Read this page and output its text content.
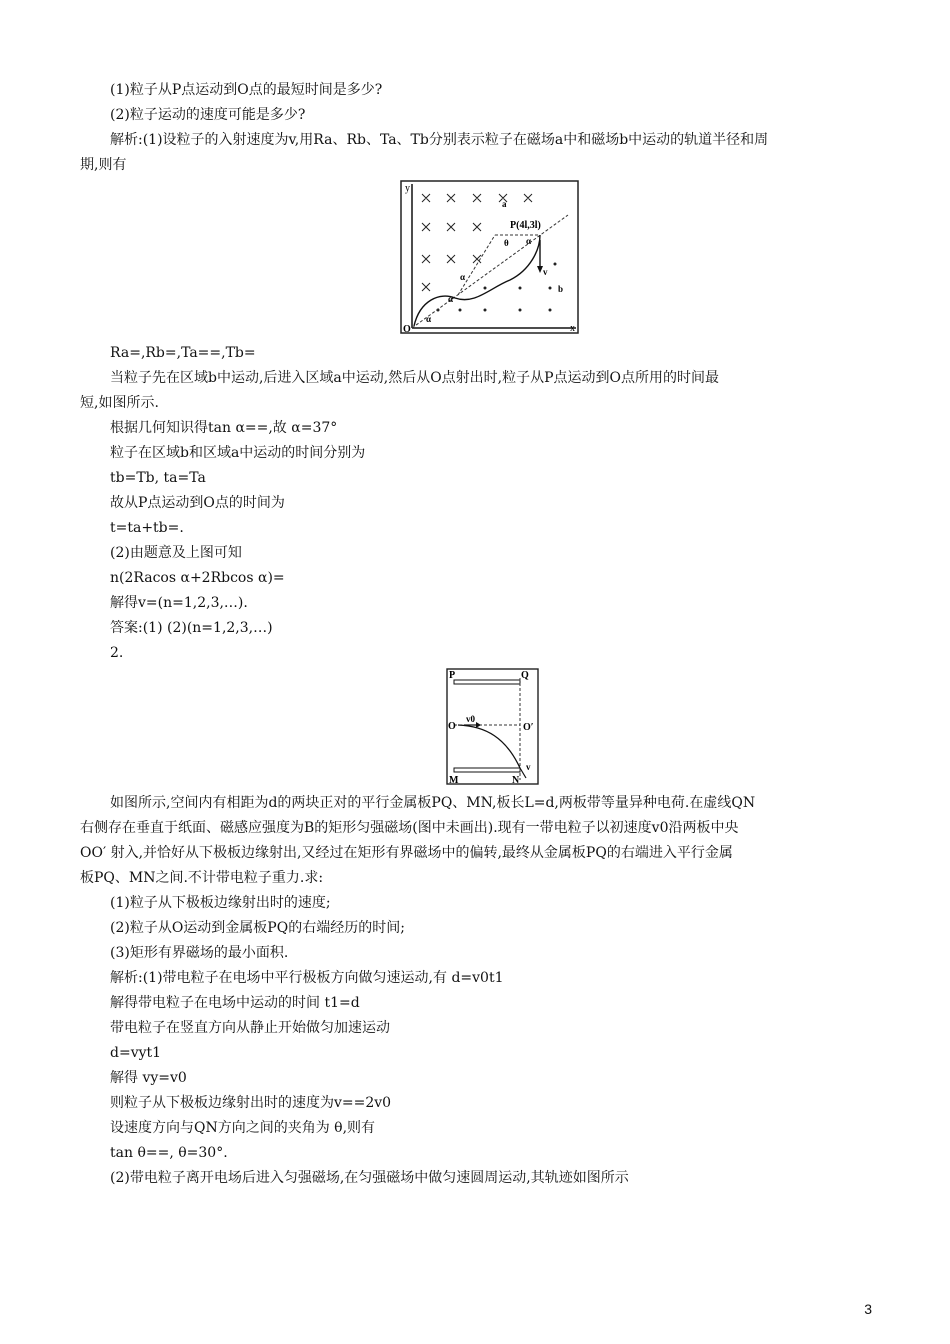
(1)粒子从P点运动到O点的最短时间是多少?
(2)粒子运动的速度可能是多少?
解析:(1)设粒子的入射速度为v,用Ra、Rb、Ta、Tb分别表示粒子在磁场a中和磁场b中运动的轨道半径和周
期,则有
y
x
O
a
b
P(4l,3l)
θ α
α
α
α
v
Ra=,Rb=,Ta==,Tb=
当粒子先在区域b中运动,后进入区域a中运动,然后从O点射出时,粒子从P点运动到O点所用的时间最
短,如图所示.
根据几何知识得tan α==,故 α=37°
粒子在区域b和区域a中运动的时间分别为
tb=Tb, ta=Ta
故从P点运动到O点的时间为
t=ta+tb=.
(2)由题意及上图可知
n(2Racos α+2Rbcos α)=
解得v=(n=1,2,3,…).
答案:(1) (2)(n=1,2,3,…)
2.
P	Q
O	O′
v0
M	N
v
如图所示,空间内有相距为d的两块正对的平行金属板PQ、MN,板长L=d,两板带等量异种电荷.在虚线QN
右侧存在垂直于纸面、磁感应强度为B的矩形匀强磁场(图中未画出).现有一带电粒子以初速度v0沿两板中央
OO′ 射入,并恰好从下极板边缘射出,又经过在矩形有界磁场中的偏转,最终从金属板PQ的右端进入平行金属
板PQ、MN之间.不计带电粒子重力.求:
(1)粒子从下极板边缘射出时的速度;
(2)粒子从O运动到金属板PQ的右端经历的时间;
(3)矩形有界磁场的最小面积.
解析:(1)带电粒子在电场中平行极板方向做匀速运动,有 d=v0t1
解得带电粒子在电场中运动的时间 t1=d
带电粒子在竖直方向从静止开始做匀加速运动
d=vyt1
解得 vy=v0
则粒子从下极板边缘射出时的速度为v==2v0
设速度方向与QN方向之间的夹角为 θ,则有
tan θ==, θ=30°.
(2)带电粒子离开电场后进入匀强磁场,在匀强磁场中做匀速圆周运动,其轨迹如图所示
3
